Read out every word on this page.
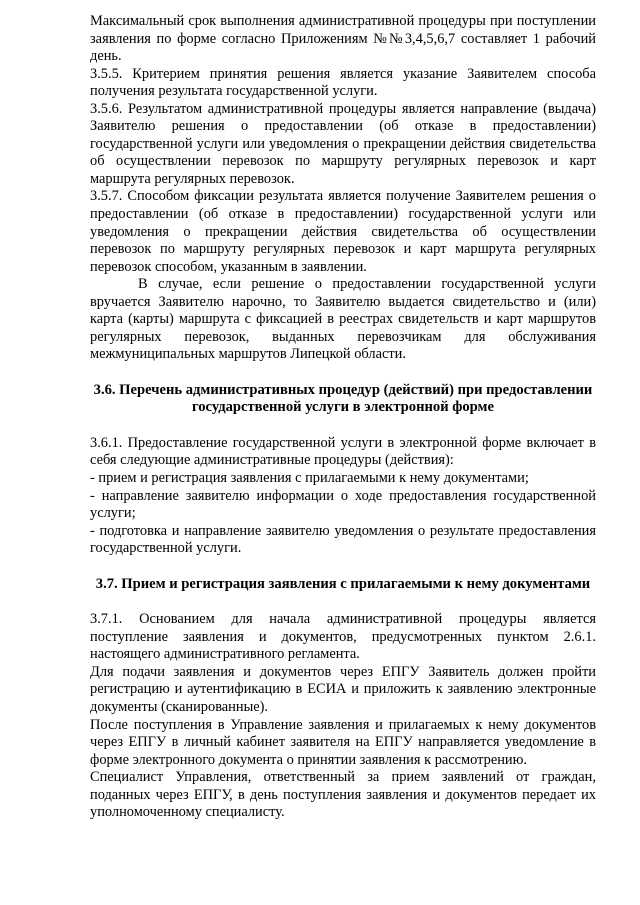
Максимальный срок выполнения административной процедуры при поступлении заявления по форме согласно Приложениям №№3,4,5,6,7 составляет 1 рабочий день.

3.5.5. Критерием принятия решения является указание Заявителем способа получения результата государственной услуги.

3.5.6. Результатом административной процедуры является направление (выдача) Заявителю решения о предоставлении (об отказе в предоставлении) государственной услуги или уведомления о прекращении действия свидетельства об осуществлении перевозок по маршруту регулярных перевозок и карт маршрута регулярных перевозок.

3.5.7. Способом фиксации результата является получение Заявителем решения о предоставлении (об отказе в предоставлении) государственной услуги или уведомления о прекращении действия свидетельства об осуществлении перевозок по маршруту регулярных перевозок и карт маршрута регулярных перевозок способом, указанным в заявлении.

В случае, если решение о предоставлении государственной услуги вручается Заявителю нарочно, то Заявителю выдается свидетельство и (или) карта (карты) маршрута с фиксацией в реестрах свидетельств и карт маршрутов регулярных перевозок, выданных перевозчикам для обслуживания межмуниципальных маршрутов Липецкой области.

3.6. Перечень административных процедур (действий) при предоставлении государственной услуги в электронной форме

3.6.1. Предоставление государственной услуги в электронной форме включает в себя следующие административные процедуры (действия):

- прием и регистрация заявления с прилагаемыми к нему документами;

- направление заявителю информации о ходе предоставления государственной услуги;

- подготовка и направление заявителю уведомления о результате предоставления государственной услуги.

3.7. Прием и регистрация заявления с прилагаемыми к нему документами

3.7.1. Основанием для начала административной процедуры является поступление заявления и документов, предусмотренных пунктом 2.6.1. настоящего административного регламента.

Для подачи заявления и документов через ЕПГУ Заявитель должен пройти регистрацию и аутентификацию в ЕСИА и приложить к заявлению электронные документы (сканированные).

После поступления в Управление заявления и прилагаемых к нему документов через ЕПГУ в личный кабинет заявителя на ЕПГУ направляется уведомление в форме электронного документа о принятии заявления к рассмотрению.

Специалист Управления, ответственный за прием заявлений от граждан, поданных через ЕПГУ, в день поступления заявления и документов передает их уполномоченному специалисту.
